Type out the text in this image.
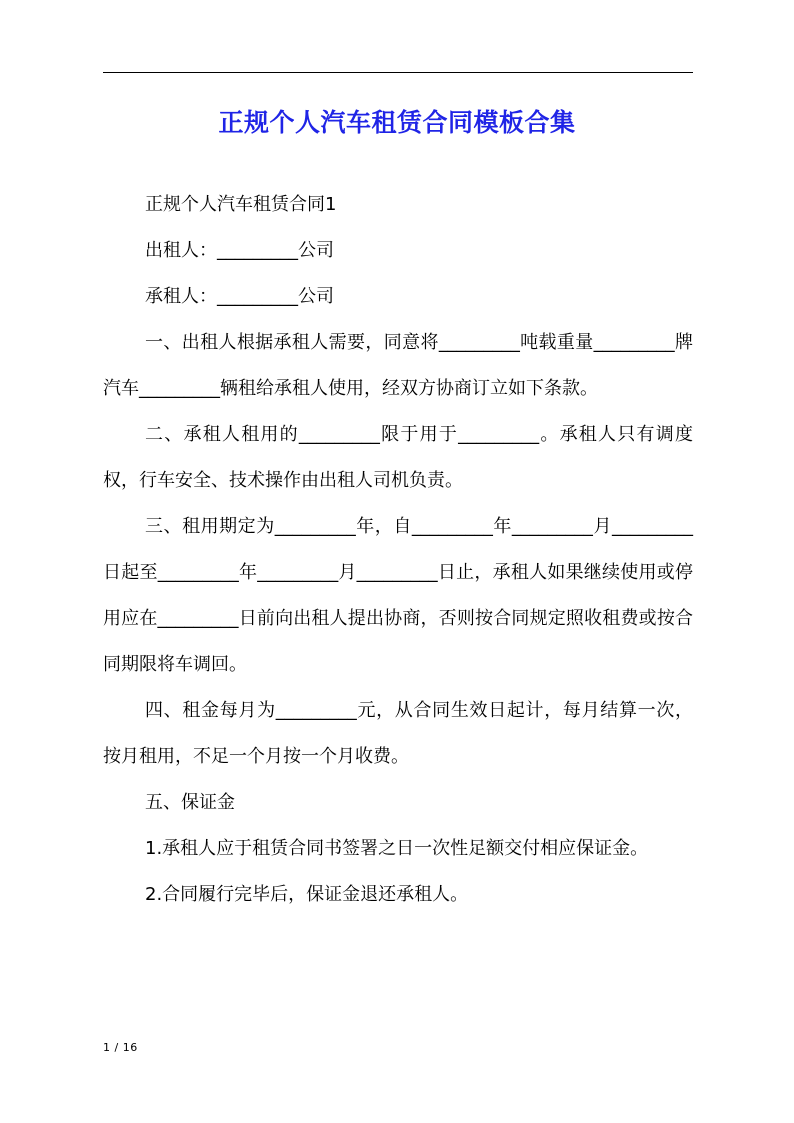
正规个人汽车租赁合同模板合集

正规个人汽车租赁合同1

出租人：_________公司

承租人：_________公司

一、出租人根据承租人需要，同意将_________吨载重量_________牌汽车_________辆租给承租人使用，经双方协商订立如下条款。

二、承租人租用的_________限于用于_________。承租人只有调度权，行车安全、技术操作由出租人司机负责。

三、租用期定为_________年，自_________年_________月_________日起至_________年_________月_________日止，承租人如果继续使用或停用应在_________日前向出租人提出协商，否则按合同规定照收租费或按合同期限将车调回。

四、租金每月为_________元，从合同生效日起计，每月结算一次，按月租用，不足一个月按一个月收费。

五、保证金

1.承租人应于租赁合同书签署之日一次性足额交付相应保证金。

2.合同履行完毕后，保证金退还承租人。

1 / 16
